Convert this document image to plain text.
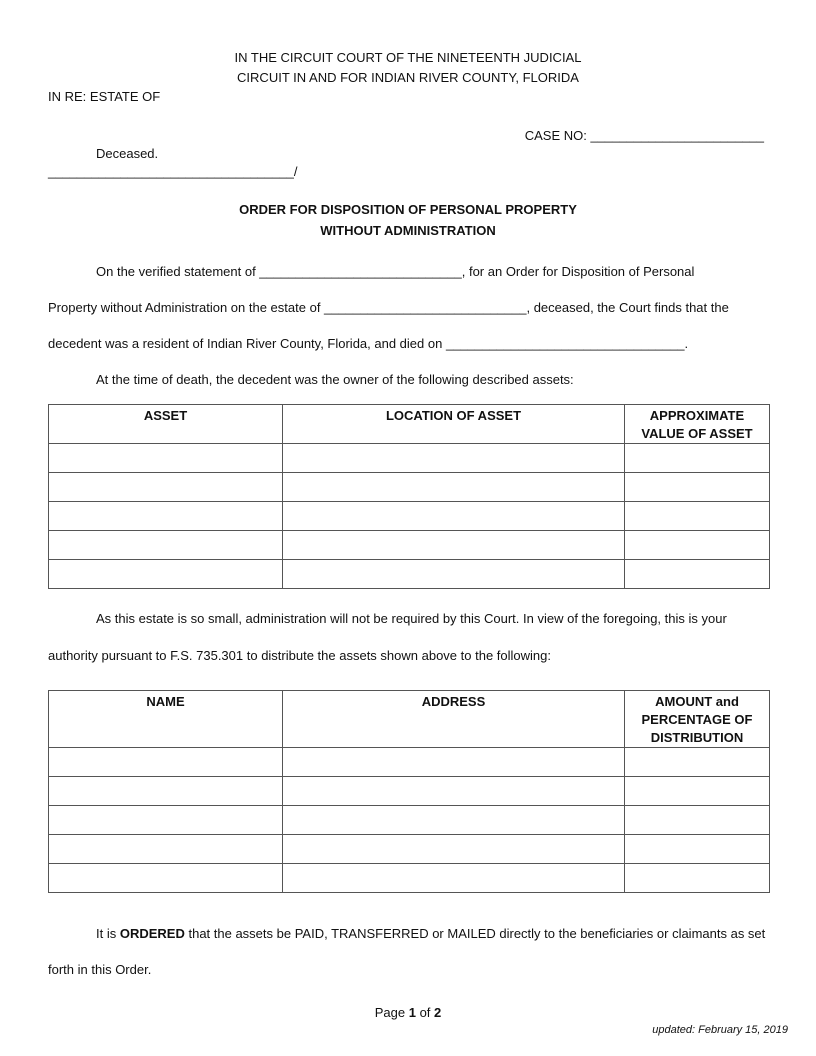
IN THE CIRCUIT COURT OF THE NINETEENTH JUDICIAL
CIRCUIT IN AND FOR INDIAN RIVER COUNTY, FLORIDA
IN RE: ESTATE OF
CASE NO: ________________________
Deceased.
__________________________________/
ORDER FOR DISPOSITION OF PERSONAL PROPERTY
WITHOUT ADMINISTRATION
On the verified statement of ____________________________, for an Order for Disposition of Personal
Property without Administration on the estate of ____________________________, deceased, the Court finds that the
decedent was a resident of Indian River County, Florida, and died on _________________________________.
At the time of death, the decedent was the owner of the following described assets:
ASSET	LOCATION OF ASSET	APPROXIMATE
VALUE OF ASSET

As this estate is so small, administration will not be required by this Court. In view of the foregoing, this is your
authority pursuant to F.S. 735.301 to distribute the assets shown above to the following:
NAME	ADDRESS	AMOUNT and
PERCENTAGE OF
DISTRIBUTION

It is ORDERED that the assets be PAID, TRANSFERRED or MAILED directly to the beneficiaries or claimants as set
forth in this Order.
Page 1 of 2
updated: February 15, 2019
